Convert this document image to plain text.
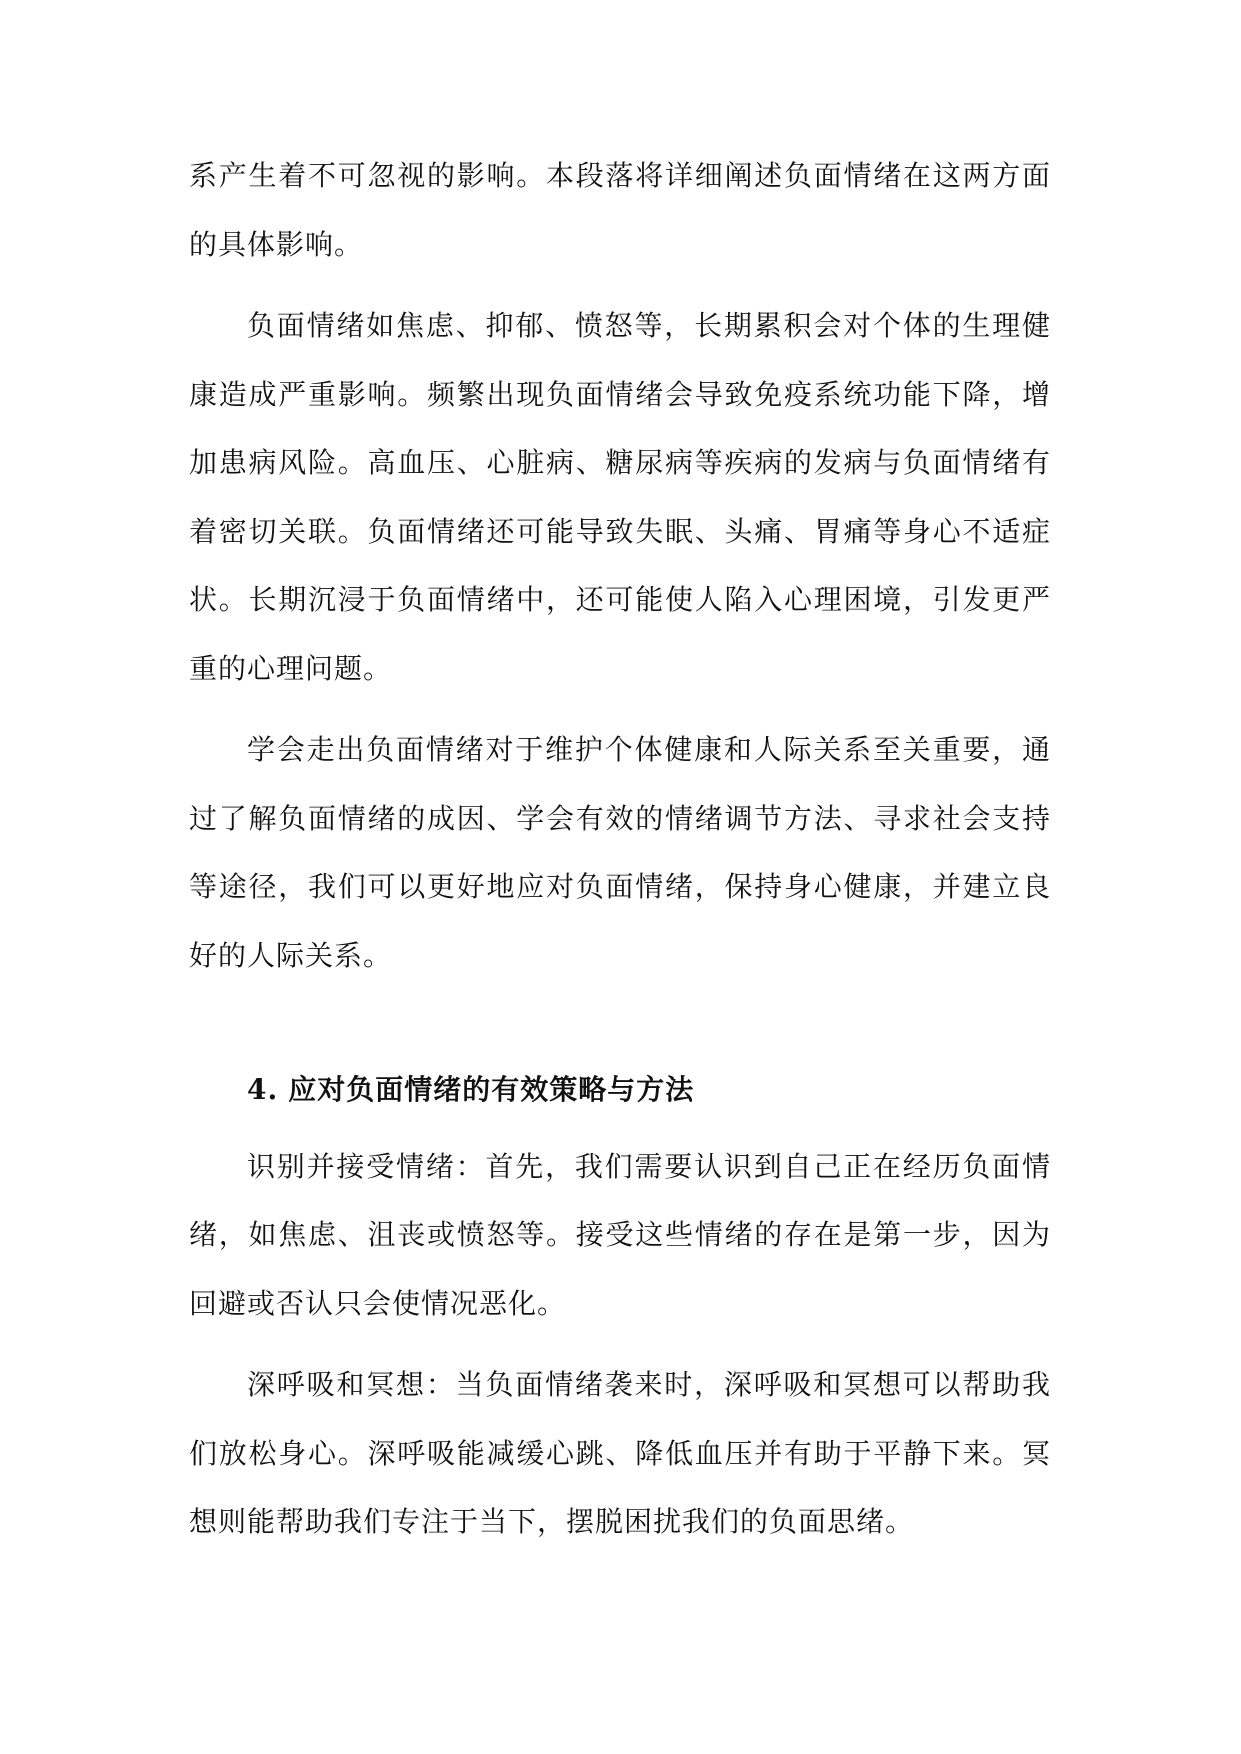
系产生着不可忽视的影响。本段落将详细阐述负面情绪在这两方面的具体影响。

负面情绪如焦虑、抑郁、愤怒等，长期累积会对个体的生理健康造成严重影响。频繁出现负面情绪会导致免疫系统功能下降，增加患病风险。高血压、心脏病、糖尿病等疾病的发病与负面情绪有着密切关联。负面情绪还可能导致失眠、头痛、胃痛等身心不适症状。长期沉浸于负面情绪中，还可能使人陷入心理困境，引发更严重的心理问题。

学会走出负面情绪对于维护个体健康和人际关系至关重要，通过了解负面情绪的成因、学会有效的情绪调节方法、寻求社会支持等途径，我们可以更好地应对负面情绪，保持身心健康，并建立良好的人际关系。

4. 应对负面情绪的有效策略与方法

识别并接受情绪：首先，我们需要认识到自己正在经历负面情绪，如焦虑、沮丧或愤怒等。接受这些情绪的存在是第一步，因为回避或否认只会使情况恶化。

深呼吸和冥想：当负面情绪袭来时，深呼吸和冥想可以帮助我们放松身心。深呼吸能减缓心跳、降低血压并有助于平静下来。冥想则能帮助我们专注于当下，摆脱困扰我们的负面思绪。
